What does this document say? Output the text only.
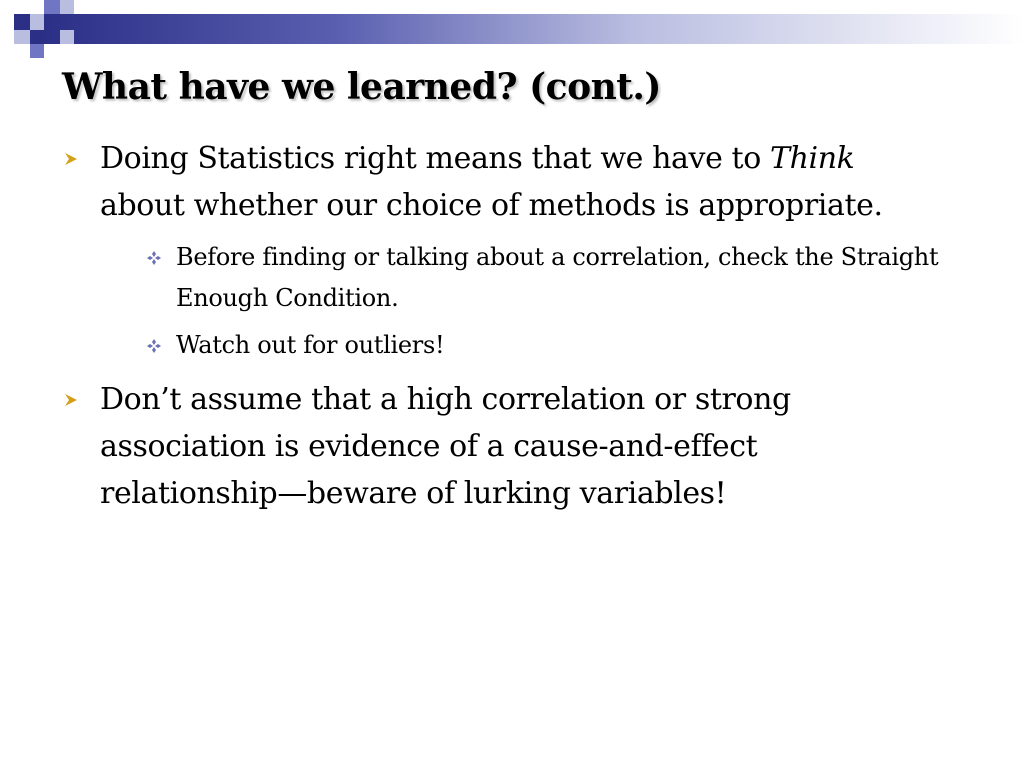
What have we learned? (cont.)
Doing Statistics right means that we have to Think about whether our choice of methods is appropriate.
Before finding or talking about a correlation, check the Straight Enough Condition.
Watch out for outliers!
Don’t assume that a high correlation or strong association is evidence of a cause-and-effect relationship—beware of lurking variables!
